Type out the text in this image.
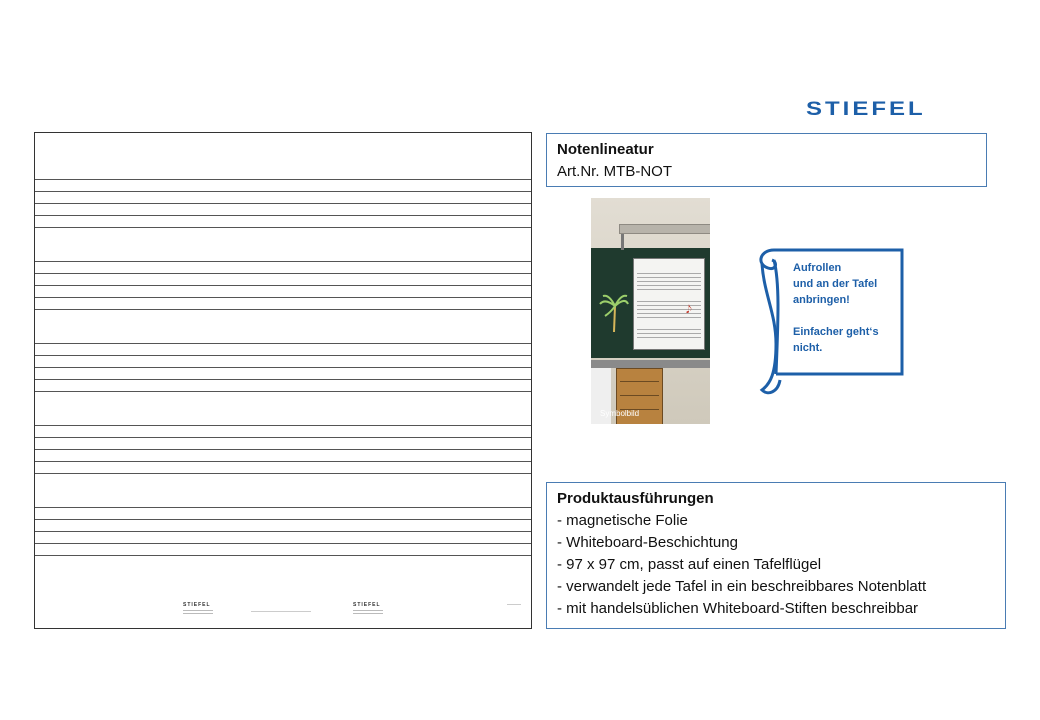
STIEFEL
STIEFEL	STIEFEL
Notenlineatur
Art.Nr. MTB-NOT
𝅘𝅥𝅮
Symbolbild

Aufrollen

und an der Tafel

anbringen!

Einfacher geht‘s

nicht.

Produktausführungen
- magnetische Folie
- Whiteboard-Beschichtung
- 97 x 97 cm, passt auf einen Tafelflügel
- verwandelt jede Tafel in ein beschreibbares Notenblatt
- mit handelsüblichen Whiteboard-Stiften beschreibbar
